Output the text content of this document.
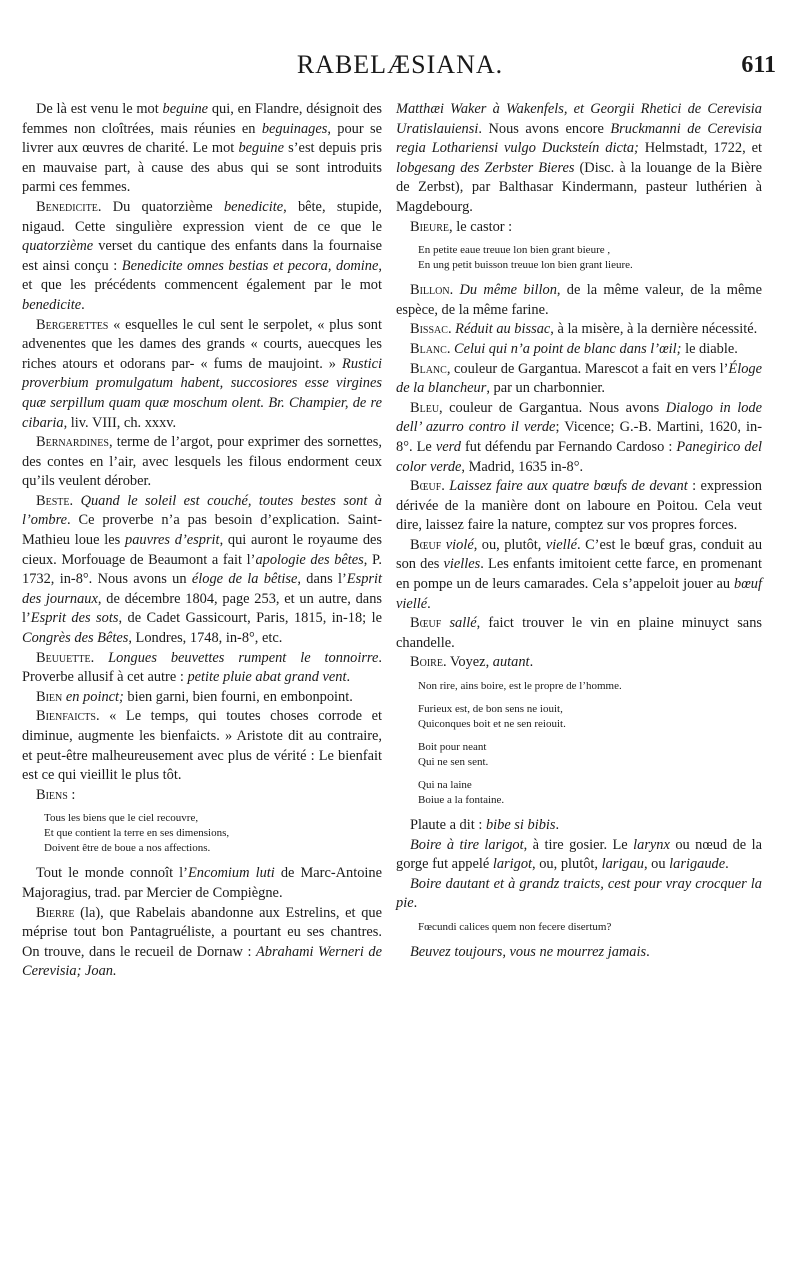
RABELÆSIANA.	611

De là est venu le mot beguine qui, en Flandre, désignoit des femmes non cloîtrées, mais réunies en beguinages, pour se livrer aux œuvres de charité. Le mot beguine s’est depuis pris en mauvaise part, à cause des abus qui se sont introduits parmi ces femmes.

Benedicite. Du quatorzième benedicite, bête, stupide, nigaud. Cette singulière expression vient de ce que le quatorzième verset du cantique des enfants dans la fournaise est ainsi conçu : Benedicite omnes bestias et pecora, domine, et que les précédents commencent également par le mot benedicite.

Bergerettes « esquelles le cul sent le serpolet, « plus sont advenentes que les dames des grands « courts, auecques les riches atours et odorans par- « fums de maujoint. » Rustici proverbium promulgatum habent, succosiores esse virgines quæ serpillum quam quæ moschum olent. Br. Champier, de re cibaria, liv. VIII, ch. xxxv.

Bernardines, terme de l’argot, pour exprimer des sornettes, des contes en l’air, avec lesquels les filous endorment ceux qu’ils veulent dérober.

Beste. Quand le soleil est couché, toutes bestes sont à l’ombre. Ce proverbe n’a pas besoin d’explication. Saint-Mathieu loue les pauvres d’esprit, qui auront le royaume des cieux. Morfouage de Beaumont a fait l’apologie des bêtes, P. 1732, in-8°. Nous avons un éloge de la bêtise, dans l’Esprit des journaux, de décembre 1804, page 253, et un autre, dans l’Esprit des sots, de Cadet Gassicourt, Paris, 1815, in-18; le Congrès des Bêtes, Londres, 1748, in-8°, etc.

Beuuette. Longues beuvettes rumpent le tonnoirre. Proverbe allusif à cet autre : petite pluie abat grand vent.

Bien en poinct; bien garni, bien fourni, en embonpoint.

Bienfaicts. « Le temps, qui toutes choses corrode et diminue, augmente les bienfaicts. » Aristote dit au contraire, et peut-être malheureusement avec plus de vérité : Le bienfait est ce qui vieillit le plus tôt.

Biens :

Tous les biens que le ciel recouvre,
Et que contient la terre en ses dimensions,
Doivent être de boue a nos affections.

Tout le monde connoît l’Encomium luti de Marc-Antoine Majoragius, trad. par Mercier de Compiègne.

Bierre (la), que Rabelais abandonne aux Estrelins, et que méprise tout bon Pantagruéliste, a pourtant eu ses chantres. On trouve, dans le recueil de Dornaw : Abrahami Werneri de Cerevisia; Joan.

Matthæi Waker à Wakenfels, et Georgii Rhetici de Cerevisia Uratislauiensi. Nous avons encore Bruckmanni de Cerevisia regia Lothariensi vulgo Ducksteín dicta; Helmstadt, 1722, et lobgesang des Zerbster Bieres (Disc. à la louange de la Bière de Zerbst), par Balthasar Kindermann, pasteur luthérien à Magdebourg.

Bieure, le castor :

En petite eaue treuue lon bien grant bieure ,
En ung petit buisson treuue lon bien grant lieure.

Billon. Du même billon, de la même valeur, de la même espèce, de la même farine.

Bissac. Réduit au bissac, à la misère, à la dernière nécessité.

Blanc. Celui qui n’a point de blanc dans l’œil; le diable.

Blanc, couleur de Gargantua. Marescot a fait en vers l’Éloge de la blancheur, par un charbonnier.

Bleu, couleur de Gargantua. Nous avons Dialogo in lode dell’ azurro contro il verde; Vicence; G.-B. Martini, 1620, in-8°. Le verd fut défendu par Fernando Cardoso : Panegirico del color verde, Madrid, 1635 in-8°.

Bœuf. Laissez faire aux quatre bœufs de devant : expression dérivée de la manière dont on laboure en Poitou. Cela veut dire, laissez faire la nature, comptez sur vos propres forces.

Bœuf violé, ou, plutôt, viellé. C’est le bœuf gras, conduit au son des vielles. Les enfants imitoient cette farce, en promenant en pompe un de leurs camarades. Cela s’appeloit jouer au bœuf viellé.

Bœuf sallé, faict trouver le vin en plaine minuyct sans chandelle.

Boire. Voyez, autant.

Non rire, ains boire, est le propre de l’homme.
Furieux est, de bon sens ne iouit,
Quiconques boit et ne sen reiouit.
Boit pour neant
Qui ne sen sent.
Qui na laine
Boiue a la fontaine.

Plaute a dit : bibe si bibis.

Boire à tire larigot, à tire gosier. Le larynx ou nœud de la gorge fut appelé larigot, ou, plutôt, larigau, ou larigaude.

Boire dautant et à grandz traicts, cest pour vray crocquer la pie.

Fœcundi calices quem non fecere disertum?

Beuvez toujours, vous ne mourrez jamais.
